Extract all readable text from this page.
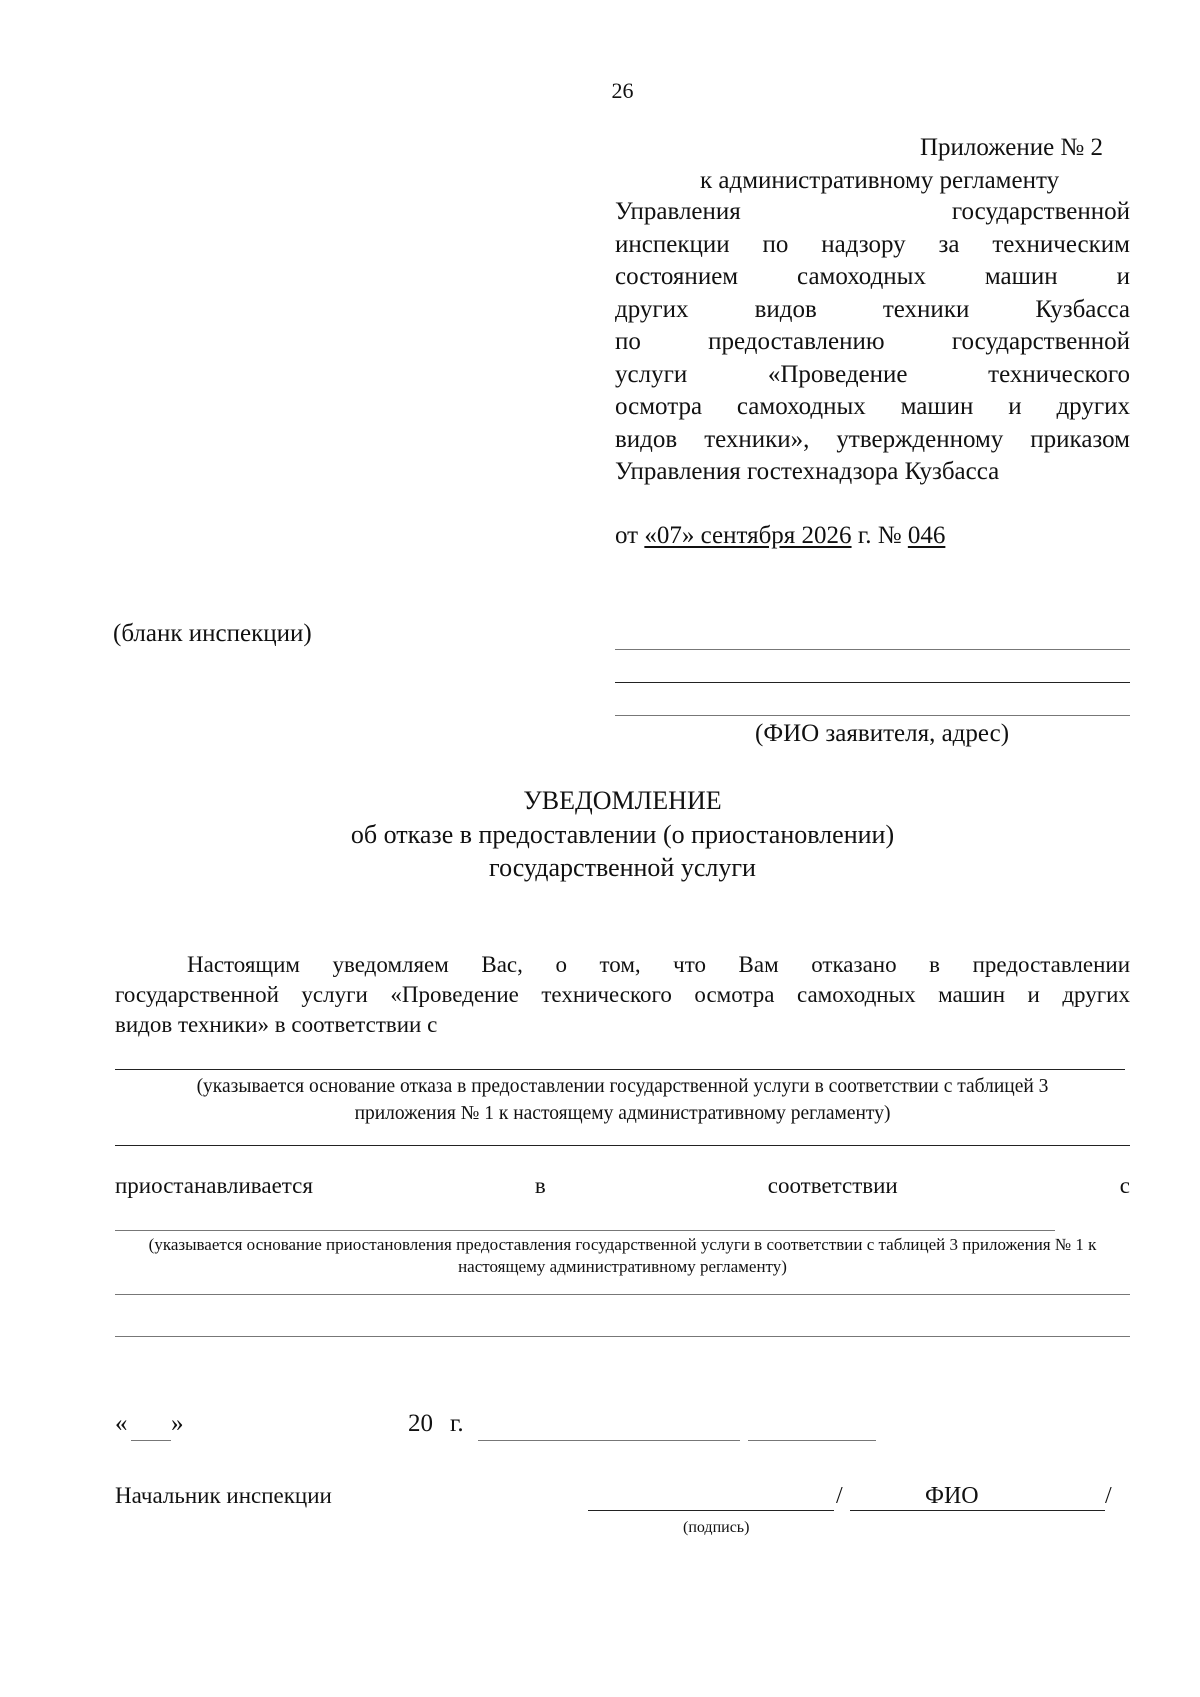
26
Приложение № 2
к административному регламенту
Управления государственной
инспекции по надзору за техническим
состоянием самоходных машин и
других видов техники Кузбасса
по предоставлению государственной
услуги «Проведение технического
осмотра самоходных машин и других
видов техники», утвержденному приказом
Управления гостехнадзора Кузбасса
от «07» сентября 2026 г. № 046
(бланк инспекции)
(ФИО заявителя, адрес)
УВЕДОМЛЕНИЕ
об отказе в предоставлении (о приостановлении)
государственной услуги
Настоящим уведомляем Вас, о том, что Вам отказано в предоставлении
государственной услуги «Проведение технического осмотра самоходных машин и других
видов техники» в соответствии с
(указывается основание отказа в предоставлении государственной услуги в соответствии с таблицей 3
приложения № 1 к настоящему административному регламенту)
приостанавливается	в	соответствии	с
(указывается основание приостановления предоставления государственной услуги в соответствии с таблицей 3 приложения № 1 к
настоящему административному регламенту)
« »	20 г.
Начальник инспекции	/	ФИО	/
(подпись)
